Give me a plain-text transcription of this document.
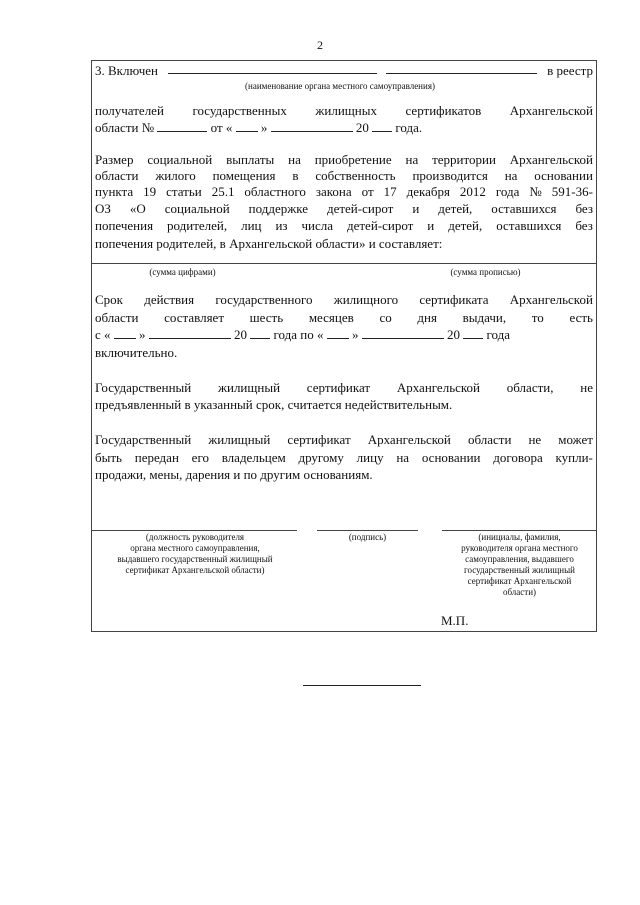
2
3. Включен	в реестр
(наименование органа местного самоуправления)
получателей государственных жилищных сертификатов Архангельской
области №	от « »	20 года.
Размер социальной выплаты на приобретение на территории Архангельской
области жилого помещения в собственность производится на основании
пункта 19 статьи 25.1 областного закона от 17 декабря 2012 года № 591-36-
ОЗ «О социальной поддержке детей-сирот и детей, оставшихся без
попечения родителей, лиц из числа детей-сирот и детей, оставшихся без
попечения родителей, в Архангельской области» и составляет:
(сумма цифрами)	(сумма прописью)
Срок действия государственного жилищного сертификата Архангельской
области составляет шесть месяцев со дня выдачи, то есть
с « »	20 года по « »	20 года
включительно.
Государственный жилищный сертификат Архангельской области, не
предъявленный в указанный срок, считается недействительным.
Государственный жилищный сертификат Архангельской области не может
быть передан его владельцем другому лицу на основании договора купли-
продажи, мены, дарения и по другим основаниям.
(должность руководителя
органа местного самоуправления,
выдавшего государственный жилищный
сертификат Архангельской области)
(подпись)	(инициалы, фамилия,
руководителя органа местного
самоуправления, выдавшего
государственный жилищный
сертификат Архангельской
области)
М.П.
